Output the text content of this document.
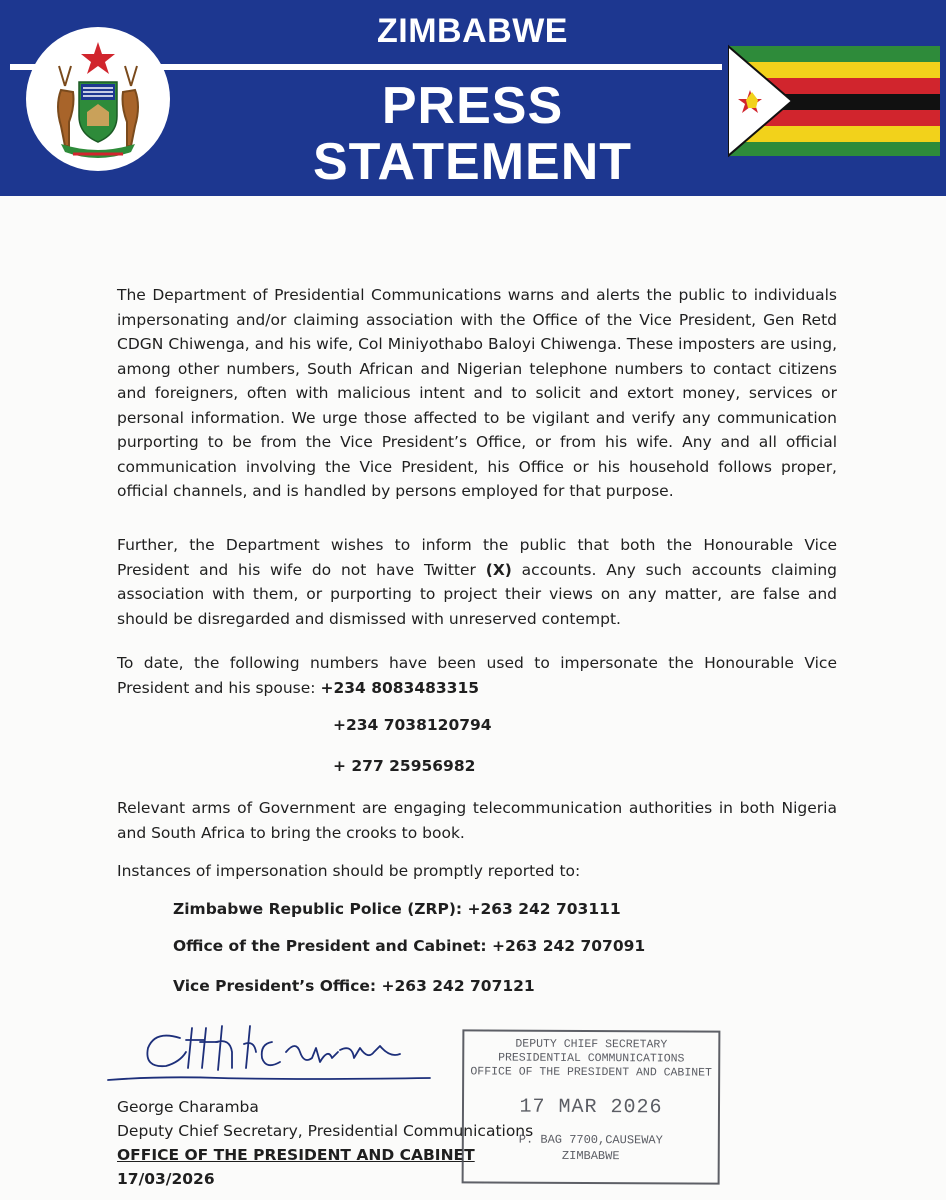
ZIMBABWE
PRESS
STATEMENT
The Department of Presidential Communications warns and alerts the public to individuals impersonating and/or claiming association with the Office of the Vice President, Gen Retd CDGN Chiwenga, and his wife, Col Miniyothabo Baloyi Chiwenga. These imposters are using, among other numbers, South African and Nigerian telephone numbers to contact citizens and foreigners, often with malicious intent and to solicit and extort money, services or personal information. We urge those affected to be vigilant and verify any communication purporting to be from the Vice President’s Office, or from his wife. Any and all official communication involving the Vice President, his Office or his household follows proper, official channels, and is handled by persons employed for that purpose.
Further, the Department wishes to inform the public that both the Honourable Vice President and his wife do not have Twitter (X) accounts. Any such accounts claiming association with them, or purporting to project their views on any matter, are false and should be disregarded and dismissed with unreserved contempt.
To date, the following numbers have been used to impersonate the Honourable Vice President and his spouse: +234 8083483315
+234 7038120794
+ 277 25956982
Relevant arms of Government are engaging telecommunication authorities in both Nigeria and South Africa to bring the crooks to book.
Instances of impersonation should be promptly reported to:
Zimbabwe Republic Police (ZRP): +263 242 703111
Office of the President and Cabinet: +263 242 707091
Vice President’s Office: +263 242 707121
George Charamba
Deputy Chief Secretary, Presidential Communications
OFFICE OF THE PRESIDENT AND CABINET
17/03/2026
DEPUTY CHIEF SECRETARY
PRESIDENTIAL COMMUNICATIONS
OFFICE OF THE PRESIDENT AND CABINET
17 MAR 2026
P. BAG 7700,CAUSEWAY
ZIMBABWE
